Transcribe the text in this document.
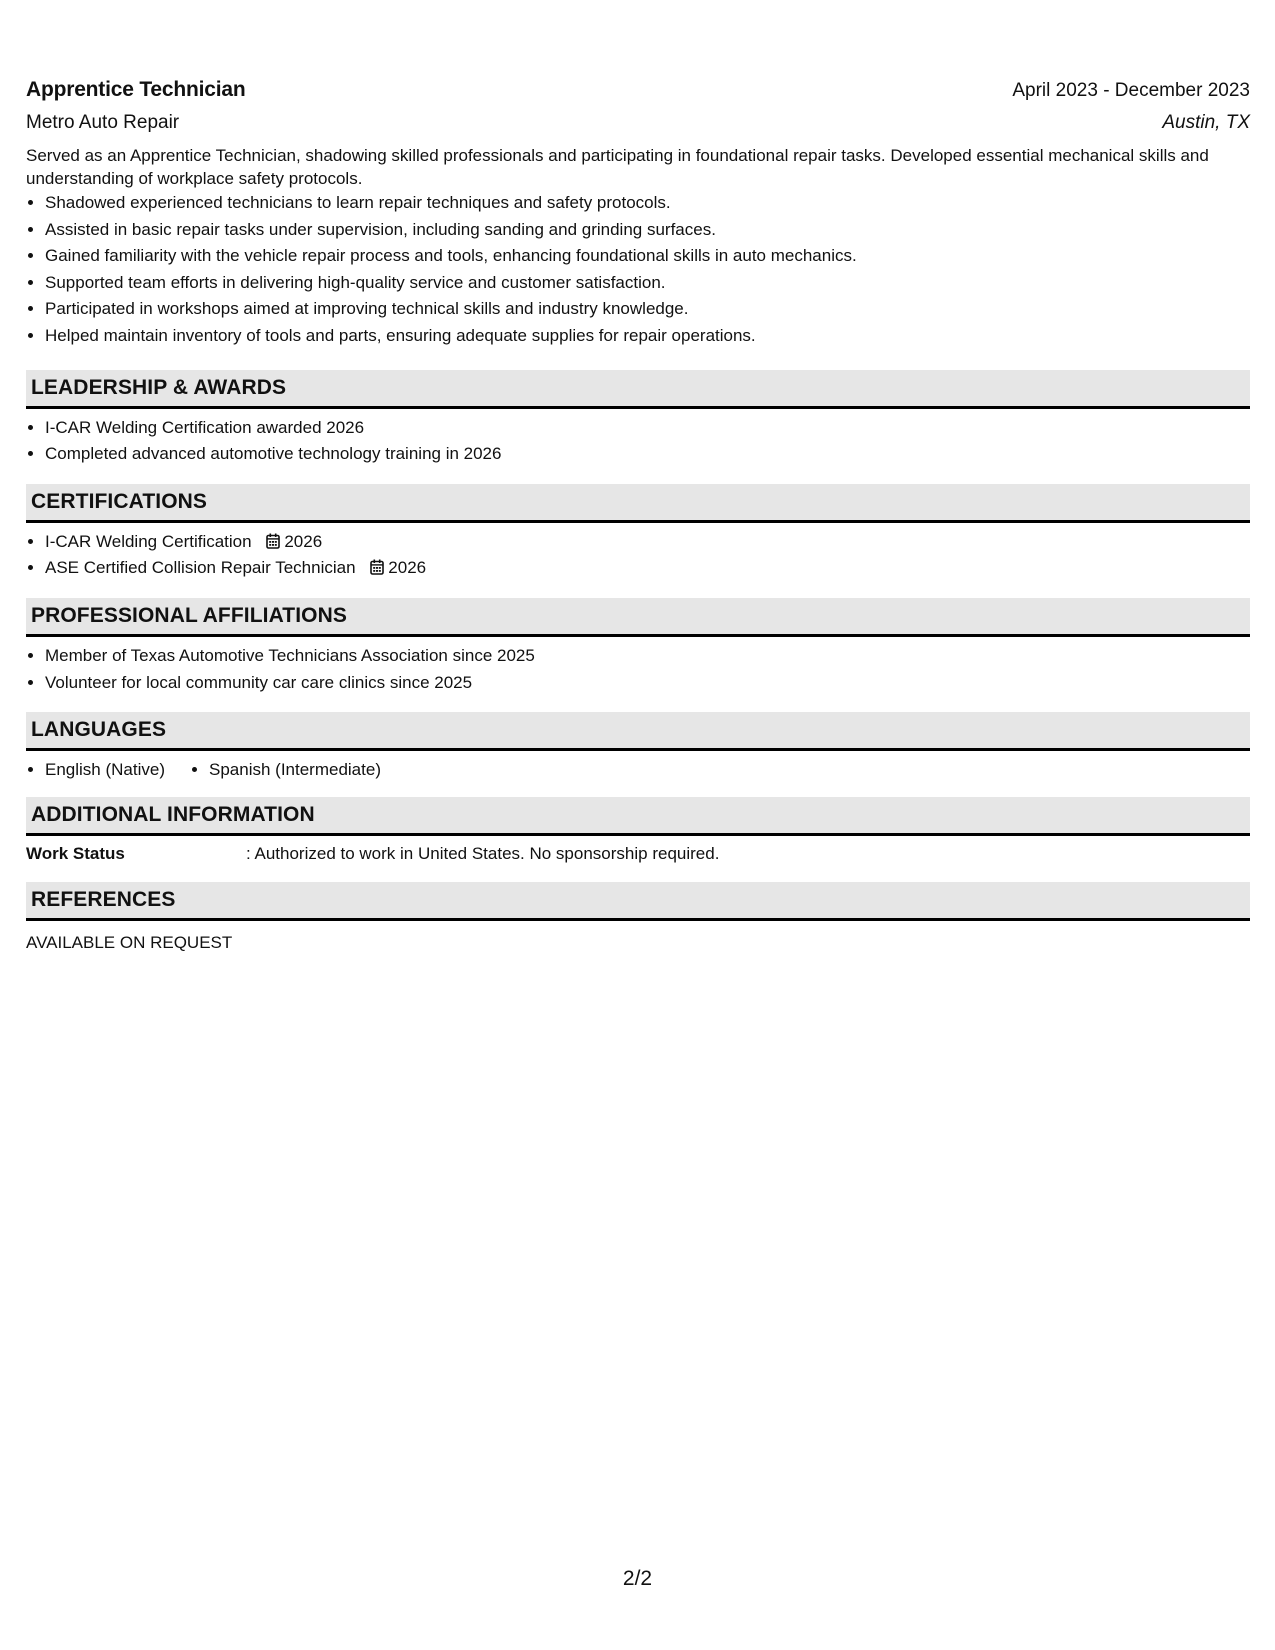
Apprentice Technician	April 2023 - December 2023
Metro Auto Repair	Austin, TX
Served as an Apprentice Technician, shadowing skilled professionals and participating in foundational repair tasks. Developed essential mechanical skills and understanding of workplace safety protocols.
• Shadowed experienced technicians to learn repair techniques and safety protocols.
• Assisted in basic repair tasks under supervision, including sanding and grinding surfaces.
• Gained familiarity with the vehicle repair process and tools, enhancing foundational skills in auto mechanics.
• Supported team efforts in delivering high-quality service and customer satisfaction.
• Participated in workshops aimed at improving technical skills and industry knowledge.
• Helped maintain inventory of tools and parts, ensuring adequate supplies for repair operations.
LEADERSHIP & AWARDS
• I-CAR Welding Certification awarded 2026
• Completed advanced automotive technology training in 2026
CERTIFICATIONS
• I-CAR Welding Certification 2026
• ASE Certified Collision Repair Technician 2026
PROFESSIONAL AFFILIATIONS
• Member of Texas Automotive Technicians Association since 2025
• Volunteer for local community car care clinics since 2025
LANGUAGES
• English (Native)
•	Spanish (Intermediate)
ADDITIONAL INFORMATION
Work Status	: Authorized to work in United States. No sponsorship required.
REFERENCES
AVAILABLE ON REQUEST
2/2
